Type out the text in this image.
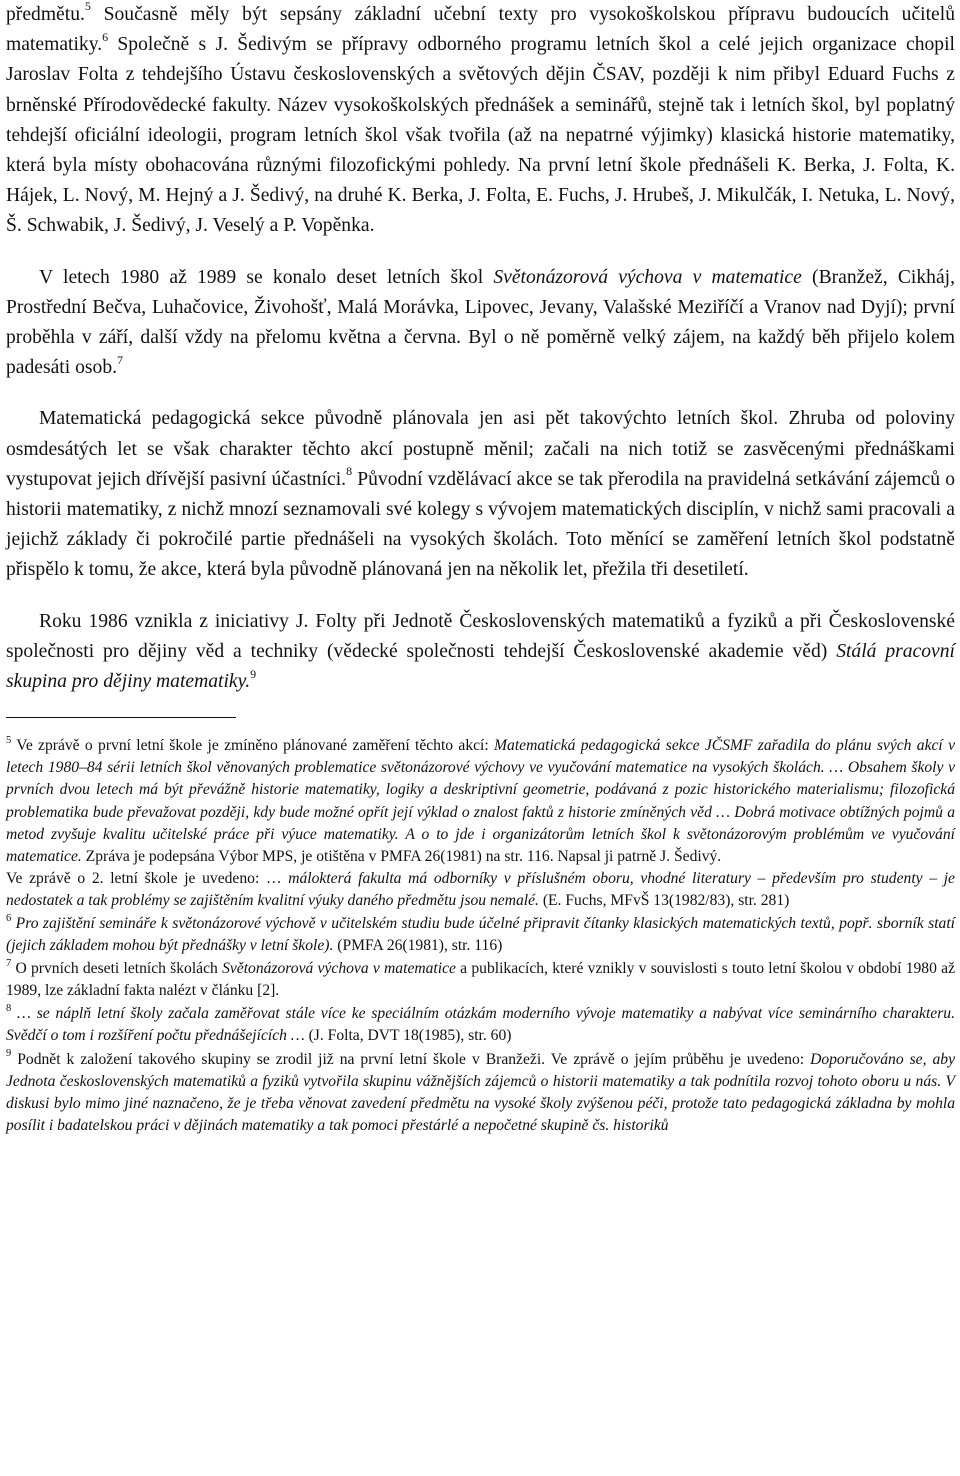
předmětu.$^5$ Současně měly být sepsány základní učební texty pro vysokoškolskou přípravu budoucích učitelů matematiky.$^6$ Společně s J. Šedivým se přípravy odborného programu letních škol a celé jejich organizace chopil Jaroslav Folta z tehdejšího Ústavu československých a světových dějin ČSAV, později k nim přibyl Eduard Fuchs z brněnské Přírodovědecké fakulty. Název vysokoškolských přednášek a seminářů, stejně tak i letních škol, byl poplatný tehdejší oficiální ideologii, program letních škol však tvořila (až na nepatrné výjimky) klasická historie matematiky, která byla místy obohacována různými filozofickými pohledy. Na první letní škole přednášeli K. Berka, J. Folta, K. Hájek, L. Nový, M. Hejný a J. Šedivý, na druhé K. Berka, J. Folta, E. Fuchs, J. Hrubeš, J. Mikulčák, I. Netuka, L. Nový, Š. Schwabik, J. Šedivý, J. Veselý a P. Vopěnka.

V letech 1980 až 1989 se konalo deset letních škol Světonázorová výchova v matematice (Branžež, Cikháj, Prostřední Bečva, Luhačovice, Živohošť, Malá Morávka, Lipovec, Jevany, Valašské Meziříčí a Vranov nad Dyjí); první proběhla v září, další vždy na přelomu května a června. Byl o ně poměrně velký zájem, na každý běh přijelo kolem padesáti osob.$^7$

Matematická pedagogická sekce původně plánovala jen asi pět takovýchto letních škol. Zhruba od poloviny osmdesátých let se však charakter těchto akcí postupně měnil; začali na nich totiž se zasvěcenými přednáškami vystupovat jejich dřívější pasivní účastníci.$^8$ Původní vzdělávací akce se tak přerodila na pravidelná setkávání zájemců o historii matematiky, z nichž mnozí seznamovali své kolegy s vývojem matematických disciplín, v nichž sami pracovali a jejichž základy či pokročilé partie přednášeli na vysokých školách. Toto měnící se zaměření letních škol podstatně přispělo k tomu, že akce, která byla původně plánovaná jen na několik let, přežila tři desetiletí.

Roku 1986 vznikla z iniciativy J. Folty při Jednotě Československých matematiků a fyziků a při Československé společnosti pro dějiny věd a techniky (vědecké společnosti tehdejší Československé akademie věd) Stálá pracovní skupina pro dějiny matematiky.$^9$

$^5$ Ve zprávě o první letní škole je zmíněno plánované zaměření těchto akcí: Matematická pedagogická sekce JČSMF zařadila do plánu svých akcí v letech 1980–84 sérii letních škol věnovaných problematice světonázorové výchovy ve vyučování matematice na vysokých školách. … Obsahem školy v prvních dvou letech má být převážně historie matematiky, logiky a deskriptivní geometrie, podávaná z pozic historického materialismu; filozofická problematika bude převažovat později, kdy bude možné opřít její výklad o znalost faktů z historie zmíněných věd … Dobrá motivace obtížných pojmů a metod zvyšuje kvalitu učitelské práce při výuce matematiky. A o to jde i organizátorům letních škol k světonázorovým problémům ve vyučování matematice. Zpráva je podepsána Výbor MPS, je otištěna v PMFA 26(1981) na str. 116. Napsal ji patrně J. Šedivý.

Ve zprávě o 2. letní škole je uvedeno: … málokterá fakulta má odborníky v příslušném oboru, vhodné literatury – především pro studenty – je nedostatek a tak problémy se zajištěním kvalitní výuky daného předmětu jsou nemalé. (E. Fuchs, MFvŠ 13(1982/83), str. 281)

$^6$ Pro zajištění semináře k světonázorové výchově v učitelském studiu bude účelné připravit čítanky klasických matematických textů, popř. sborník statí (jejich základem mohou být přednášky v letní škole). (PMFA 26(1981), str. 116)

$^7$ O prvních deseti letních školách Světonázorová výchova v matematice a publikacích, které vznikly v souvislosti s touto letní školou v období 1980 až 1989, lze základní fakta nalézt v článku [2].

$^8$ … se náplň letní školy začala zaměřovat stále více ke speciálním otázkám moderního vývoje matematiky a nabývat více seminárního charakteru. Svědčí o tom i rozšíření počtu přednášejících … (J. Folta, DVT 18(1985), str. 60)

$^9$ Podnět k založení takového skupiny se zrodil již na první letní škole v Branžeži. Ve zprávě o jejím průběhu je uvedeno: Doporučováno se, aby Jednota československých matematiků a fyziků vytvořila skupinu vážnějších zájemců o historii matematiky a tak podnítila rozvoj tohoto oboru u nás. V diskusi bylo mimo jiné naznačeno, že je třeba věnovat zavedení předmětu na vysoké školy zvýšenou péči, protože tato pedagogická základna by mohla posílit i badatelskou práci v dějinách matematiky a tak pomoci přestárlé a nepočetné skupině čs. historiků
